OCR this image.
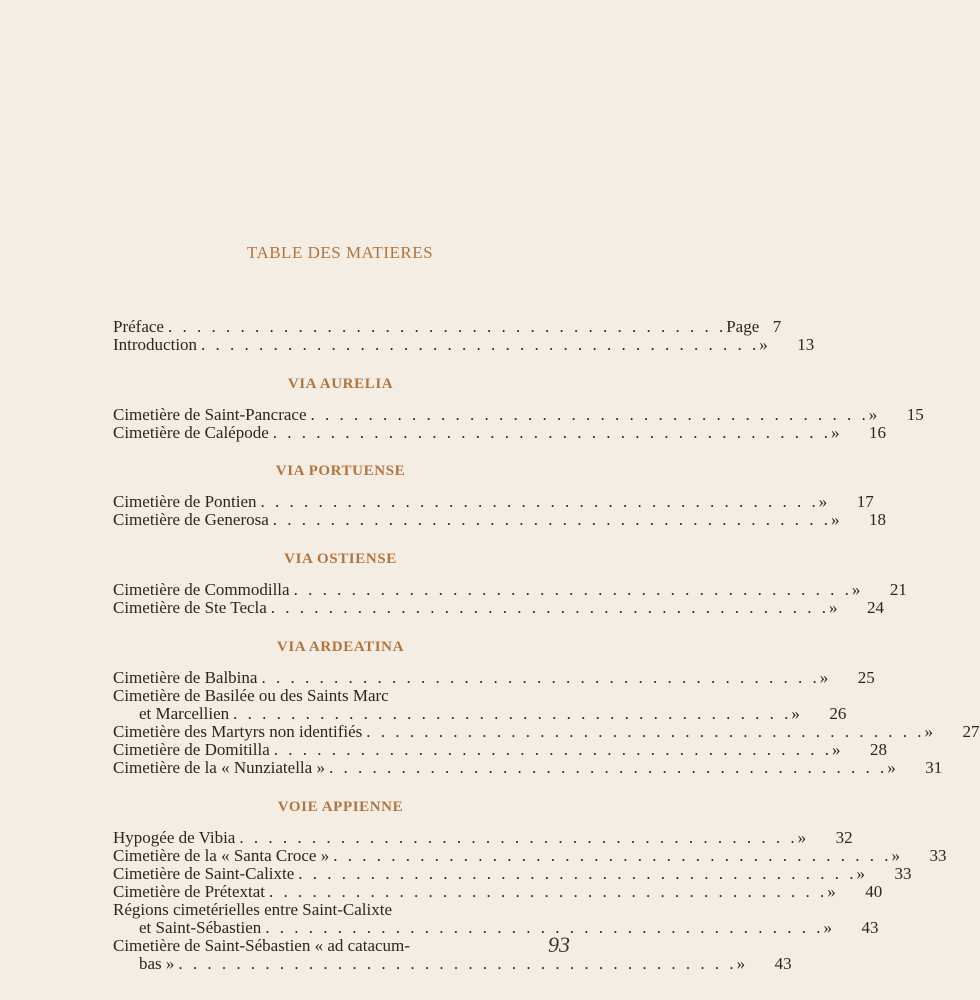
TABLE DES MATIERES
Préface . . . . . . . . . . . . . . . . . . . . . . . . . . . . . . . . . . . . . . . Page 7
Introduction . . . . . . . . . . . . . . . . . . . . . . . . . . . . . . . . . . . . . . . » 13
VIA AURELIA
Cimetière de Saint-Pancrace . . . . . . . . . . . . . . . . . . . . . . . . . . . . . . . . . . . . . . . » 15
Cimetière de Calépode . . . . . . . . . . . . . . . . . . . . . . . . . . . . . . . . . . . . . . . » 16
VIA PORTUENSE
Cimetière de Pontien . . . . . . . . . . . . . . . . . . . . . . . . . . . . . . . . . . . . . . . » 17
Cimetière de Generosa . . . . . . . . . . . . . . . . . . . . . . . . . . . . . . . . . . . . . . . » 18
VIA OSTIENSE
Cimetière de Commodilla . . . . . . . . . . . . . . . . . . . . . . . . . . . . . . . . . . . . . . . » 21
Cimetière de Ste Tecla . . . . . . . . . . . . . . . . . . . . . . . . . . . . . . . . . . . . . . . » 24
VIA ARDEATINA
Cimetière de Balbina . . . . . . . . . . . . . . . . . . . . . . . . . . . . . . . . . . . . . . . » 25
Cimetière de Basilée ou des Saints Marc
et Marcellien . . . . . . . . . . . . . . . . . . . . . . . . . . . . . . . . . . . . . . . » 26
Cimetière des Martyrs non identifiés . . . . . . . . . . . . . . . . . . . . . . . . . . . . . . . . . . . . . . . » 27
Cimetière de Domitilla . . . . . . . . . . . . . . . . . . . . . . . . . . . . . . . . . . . . . . . » 28
Cimetière de la « Nunziatella » . . . . . . . . . . . . . . . . . . . . . . . . . . . . . . . . . . . . . . . » 31
VOIE APPIENNE
Hypogée de Vibia . . . . . . . . . . . . . . . . . . . . . . . . . . . . . . . . . . . . . . . » 32
Cimetière de la « Santa Croce » . . . . . . . . . . . . . . . . . . . . . . . . . . . . . . . . . . . . . . . » 33
Cimetière de Saint-Calixte . . . . . . . . . . . . . . . . . . . . . . . . . . . . . . . . . . . . . . . » 33
Cimetière de Prétextat . . . . . . . . . . . . . . . . . . . . . . . . . . . . . . . . . . . . . . . » 40
Régions cimetérielles entre Saint-Calixte
et Saint-Sébastien . . . . . . . . . . . . . . . . . . . . . . . . . . . . . . . . . . . . . . . » 43
Cimetière de Saint-Sébastien « ad catacum-
bas » . . . . . . . . . . . . . . . . . . . . . . . . . . . . . . . . . . . . . . . » 43
93
